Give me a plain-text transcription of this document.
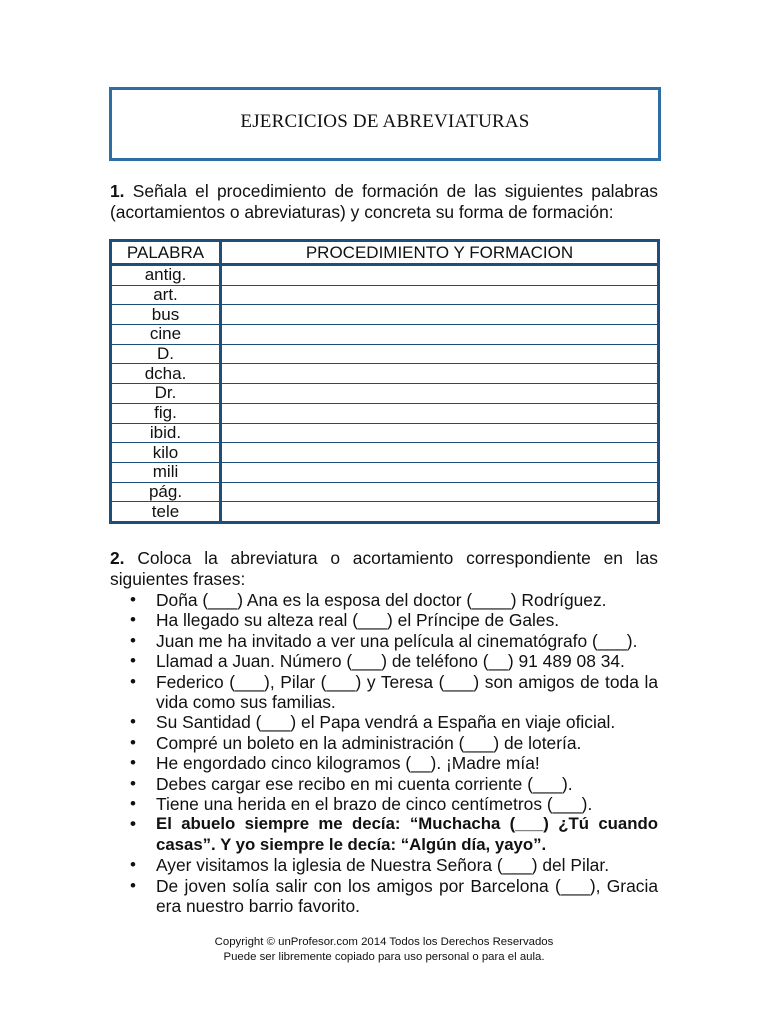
EJERCICIOS DE ABREVIATURAS
1. Señala el procedimiento de formación de las siguientes palabras (acortamientos o abreviaturas) y concreta su forma de formación:
PALABRA	PROCEDIMIENTO Y FORMACION
antig.	
art.	
bus	
cine	
D.	
dcha.	
Dr.	
fig.	
ibid.	
kilo	
mili	
pág.	
tele	
2. Coloca la abreviatura o acortamiento correspondiente en las siguientes frases:
• Doña (___) Ana es la esposa del doctor (____) Rodríguez.
• Ha llegado su alteza real (___) el Príncipe de Gales.
• Juan me ha invitado a ver una película al cinematógrafo (___).
• Llamad a Juan. Número (___) de teléfono (__) 91 489 08 34.
• Federico (___), Pilar (___) y Teresa (___) son amigos de toda la vida como sus familias.
• Su Santidad (___) el Papa vendrá a España en viaje oficial.
• Compré un boleto en la administración (___) de lotería.
• He engordado cinco kilogramos (__). ¡Madre mía!
• Debes cargar ese recibo en mi cuenta corriente (___).
• Tiene una herida en el brazo de cinco centímetros (___).
• El abuelo siempre me decía: “Muchacha (___) ¿Tú cuando casas”. Y yo siempre le decía: “Algún día, yayo”.
• Ayer visitamos la iglesia de Nuestra Señora (___) del Pilar.
• De joven solía salir con los amigos por Barcelona (___), Gracia era nuestro barrio favorito.
Copyright © unProfesor.com 2014 Todos los Derechos Reservados
Puede ser libremente copiado para uso personal o para el aula.
